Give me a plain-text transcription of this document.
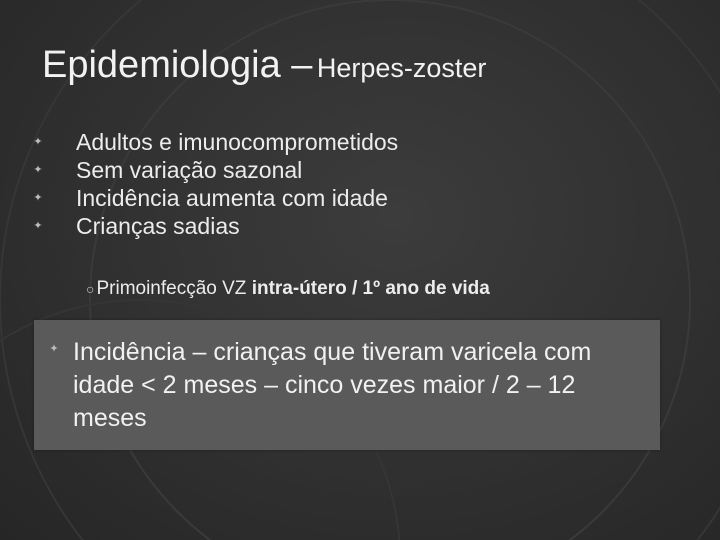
Epidemiologia – Herpes-zoster
✦ Adultos e imunocomprometidos
✦ Sem variação sazonal
✦ Incidência aumenta com idade
✦ Crianças sadias
○ Primoinfecção VZ intra-útero / 1º ano de vida
✦ Incidência – crianças que tiveram varicela com idade < 2 meses – cinco vezes maior / 2 – 12 meses
